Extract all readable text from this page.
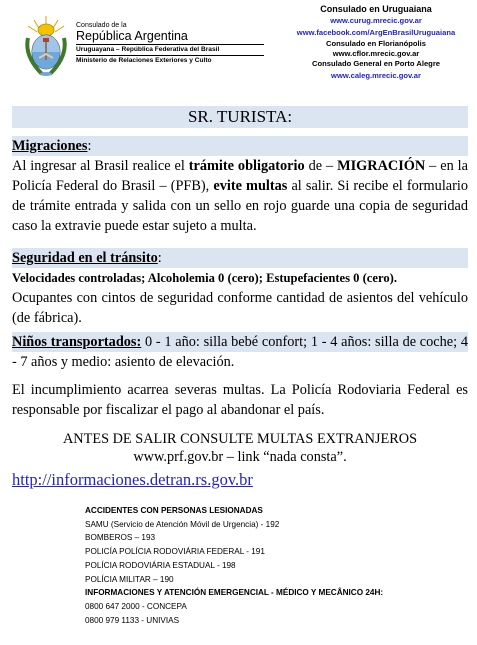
Consulado de la
República Argentina
Uruguayana – República Federativa del Brasil
Ministerio de Relaciones Exteriores y Culto
Consulado en Uruguaiana
www.curug.mrecic.gov.ar
www.facebook.com/ArgEnBrasilUruguaiana
Consulado en Florianópolis
www.cflor.mrecic.gov.ar
Consulado General en Porto Alegre
www.caleg.mrecic.gov.ar
SR. TURISTA:
Migraciones:
Al ingresar al Brasil realice el trámite obligatorio de – MIGRACIÓN – en la Policía Federal do Brasil – (PFB), evite multas al salir. Si recibe el formulario de trámite entrada y salida con un sello en rojo guarde una copia de seguridad caso la extravie puede estar sujeto a multa.
Seguridad en el tránsito:
Velocidades controladas; Alcoholemia 0 (cero); Estupefacientes 0 (cero).
Ocupantes con cintos de seguridad conforme cantidad de asientos del vehículo (de fábrica).
Niños transportados: 0 - 1 año: silla bebé confort; 1 - 4 años: silla de coche; 4 - 7 años y medio: asiento de elevación.
El incumplimiento acarrea severas multas. La Policía Rodoviaria Federal es responsable por fiscalizar el pago al abandonar el país.
ANTES DE SALIR CONSULTE MULTAS EXTRANJEROS
www.prf.gov.br – link “nada consta”.
http://informaciones.detran.rs.gov.br
ACCIDENTES CON PERSONAS LESIONADAS
SAMU (Servicio de Atención Móvil de Urgencia) - 192
BOMBEROS – 193
POLICÍA POLÍCIA RODOVIÁRIA FEDERAL - 191
POLÍCIA RODOVIÁRIA ESTADUAL - 198
POLÍCIA MILITAR – 190
INFORMACIONES Y ATENCIÓN EMERGENCIAL - MÉDICO Y MECÂNICO 24H:
0800 647 2000 - CONCEPA
0800 979 1133 - UNIVIAS
